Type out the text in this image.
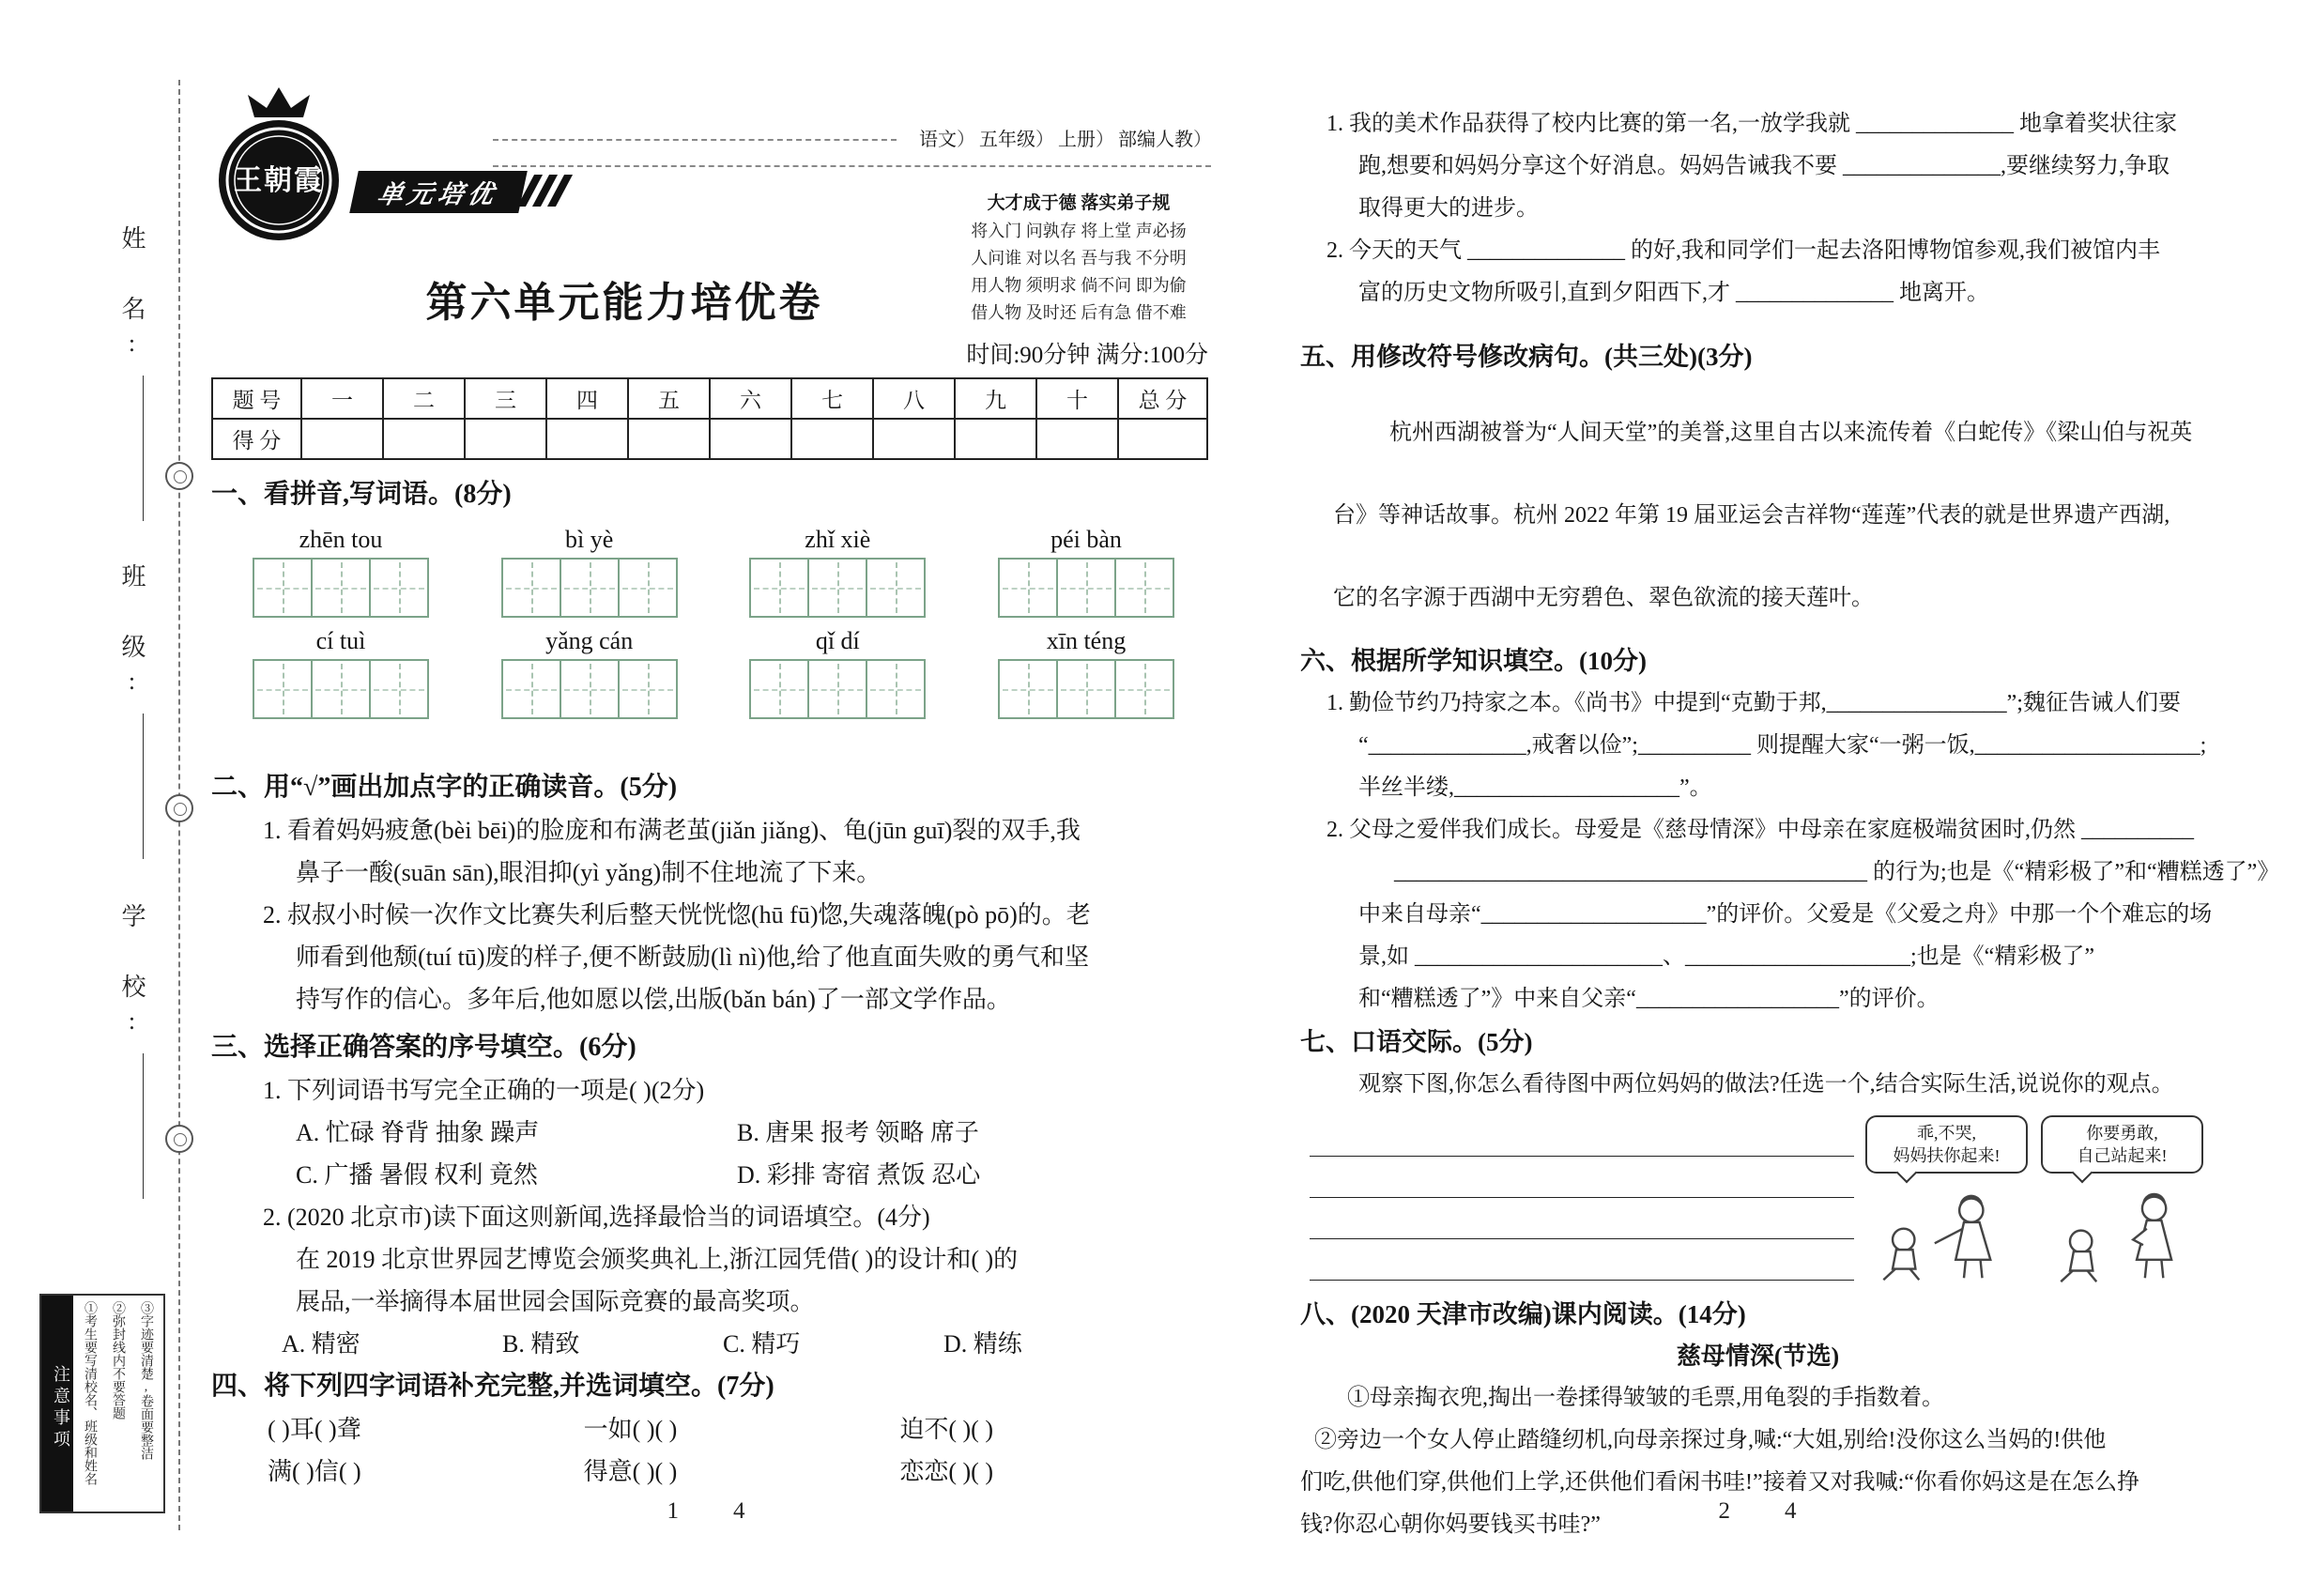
姓 名:
班 级:
学 校:
注意事项 ①考生要写清校名、班级和姓名	②弥封线内不要答题	③字迹要清楚,卷面要整洁
王朝霞	单元培优
语文 ） 五年级 ） 上册 ） 部编人教 ）
大才成于德 落实弟子规
将入门 问孰存 将上堂 声必扬
人问谁 对以名 吾与我 不分明
用人物 须明求 倘不问 即为偷
借人物 及时还 后有急 借不难
第六单元能力培优卷
时间:90分钟 满分:100分
题 号	一	二	三	四	五	六	七	八	九	十	总 分
得 分											
一、看拼音,写词语。(8分)
zhēn tou	bì yè	zhǐ xiè	péi bàn
cí tuì	yǎng cán	qǐ dí	xīn téng
二、用“√”画出加点字的正确读音。(5分)
1. 看着妈妈疲惫(bèi bēi)的脸庞和布满老茧(jiǎn jiǎng)、龟(jūn guī)裂的双手,我
鼻子一酸(suān sān),眼泪抑(yì yǎng)制不住地流了下来。
2. 叔叔小时候一次作文比赛失利后整天恍恍惚(hū fū)惚,失魂落魄(pò pō)的。老
师看到他颓(tuí tū)废的样子,便不断鼓励(lì nì)他,给了他直面失败的勇气和坚
持写作的信心。多年后,他如愿以偿,出版(bǎn bán)了一部文学作品。
三、选择正确答案的序号填空。(6分)
1. 下列词语书写完全正确的一项是( )(2分)
A. 忙碌 脊背 抽象 躁声	B. 唐果 报考 领略 席子
C. 广播 暑假 权利 竟然	D. 彩排 寄宿 煮饭 忍心
2. (2020 北京市)读下面这则新闻,选择最恰当的词语填空。(4分)
在 2019 北京世界园艺博览会颁奖典礼上,浙江园凭借( )的设计和( )的
展品,一举摘得本届世园会国际竞赛的最高奖项。
A. 精密	B. 精致	C. 精巧	D. 精练
四、将下列四字词语补充完整,并选词填空。(7分)
( )耳( )聋	一如( )( )	迫不( )( )
满( )信( )	得意( )( )	恋恋( )( )
1. 我的美术作品获得了校内比赛的第一名,一放学我就 ______________ 地拿着奖状往家
跑,想要和妈妈分享这个好消息。妈妈告诫我不要 ______________,要继续努力,争取
取得更大的进步。
2. 今天的天气 ______________ 的好,我和同学们一起去洛阳博物馆参观,我们被馆内丰
富的历史文物所吸引,直到夕阳西下,才 ______________ 地离开。
五、用修改符号修改病句。(共三处)(3分)
杭州西湖被誉为“人间天堂”的美誉,这里自古以来流传着《白蛇传》《梁山伯与祝英
台》等神话故事。杭州 2022 年第 19 届亚运会吉祥物“莲莲”代表的就是世界遗产西湖,
它的名字源于西湖中无穷碧色、翠色欲流的接天莲叶。
六、根据所学知识填空。(10分)
1. 勤俭节约乃持家之本。《尚书》中提到“克勤于邦,________________”;魏征告诫人们要
“______________,戒奢以俭”;__________ 则提醒大家“一粥一饭,____________________;
半丝半缕,____________________”。
2. 父母之爱伴我们成长。母爱是《慈母情深》中母亲在家庭极端贫困时,仍然 __________
__________________________________________ 的行为;也是《“精彩极了”和“糟糕透了”》
中来自母亲“____________________”的评价。父爱是《父爱之舟》中那一个个难忘的场
景,如 ______________________、____________________;也是《“精彩极了”
和“糟糕透了”》中来自父亲“__________________”的评价。
七、口语交际。(5分)
观察下图,你怎么看待图中两位妈妈的做法?任选一个,结合实际生活,说说你的观点。
乖,不哭,
妈妈扶你起来!
你要勇敢,
自己站起来!
八、(2020 天津市改编)课内阅读。(14分)
慈母情深(节选)
①母亲掏衣兜,掏出一卷揉得皱皱的毛票,用龟裂的手指数着。
②旁边一个女人停止踏缝纫机,向母亲探过身,喊:“大姐,别给!没你这么当妈的!供他
们吃,供他们穿,供他们上学,还供他们看闲书哇!”接着又对我喊:“你看你妈这是在怎么挣
钱?你忍心朝你妈要钱买书哇?”
1 4	2 4
